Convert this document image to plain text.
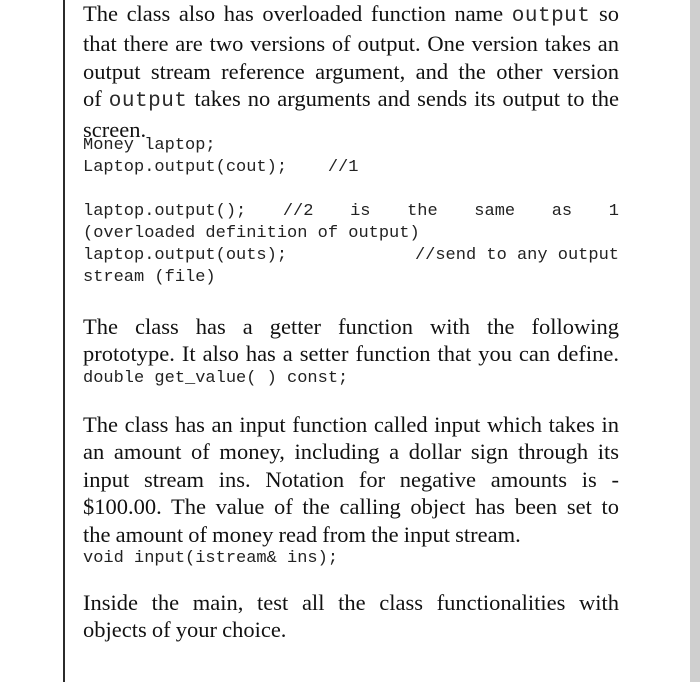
The class also has overloaded function name output so

that there are two versions of output. One version takes an

output stream reference argument, and the other version

of output takes no arguments and sends its output to the

screen.

Money laptop;

Laptop.output(cout); //1

laptop.output(); //2 is the same as 1

(overloaded definition of output)

laptop.output(outs);	//send to any output

stream (file)

The class has a getter function with the following

prototype. It also has a setter function that you can define.

double get_value( ) const;

The class has an input function called input which takes in

an amount of money, including a dollar sign through its

input stream ins. Notation for negative amounts is -

$100.00. The value of the calling object has been set to

the amount of money read from the input stream.

void input(istream& ins);

Inside the main, test all the class functionalities with

objects of your choice.
